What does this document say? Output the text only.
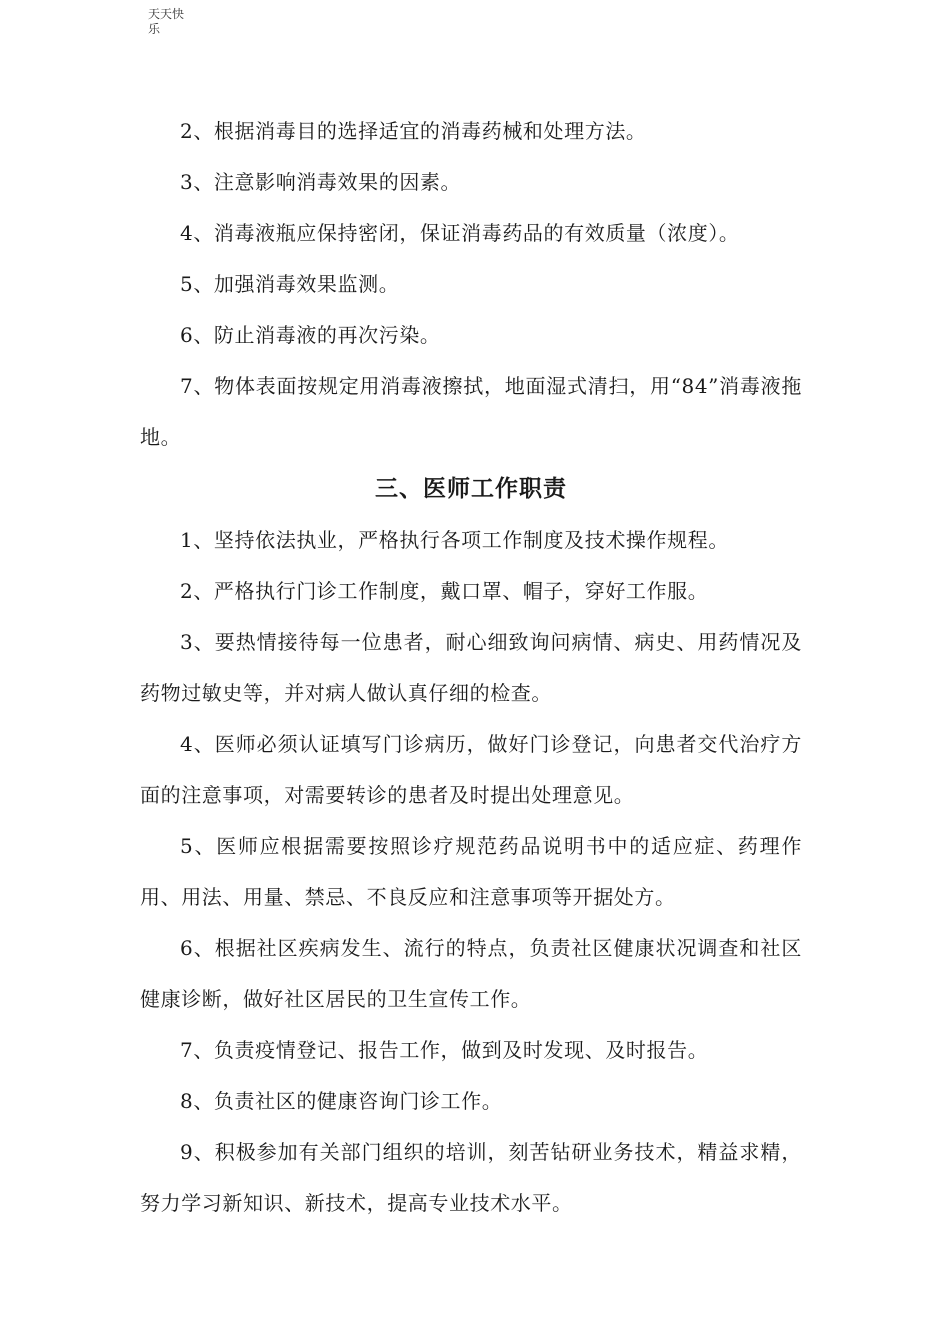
天天快乐

2、根据消毒目的选择适宜的消毒药械和处理方法。

3、注意影响消毒效果的因素。

4、消毒液瓶应保持密闭，保证消毒药品的有效质量（浓度）。

5、加强消毒效果监测。

6、防止消毒液的再次污染。

7、物体表面按规定用消毒液擦拭，地面湿式清扫，用“84”消毒液拖地。

三、医师工作职责

1、坚持依法执业，严格执行各项工作制度及技术操作规程。

2、严格执行门诊工作制度，戴口罩、帽子，穿好工作服。

3、要热情接待每一位患者，耐心细致询问病情、病史、用药情况及药物过敏史等，并对病人做认真仔细的检查。

4、医师必须认证填写门诊病历，做好门诊登记，向患者交代治疗方面的注意事项，对需要转诊的患者及时提出处理意见。

5、医师应根据需要按照诊疗规范药品说明书中的适应症、药理作用、用法、用量、禁忌、不良反应和注意事项等开据处方。

6、根据社区疾病发生、流行的特点，负责社区健康状况调查和社区健康诊断，做好社区居民的卫生宣传工作。

7、负责疫情登记、报告工作，做到及时发现、及时报告。

8、负责社区的健康咨询门诊工作。

9、积极参加有关部门组织的培训，刻苦钻研业务技术，精益求精，努力学习新知识、新技术，提高专业技术水平。
